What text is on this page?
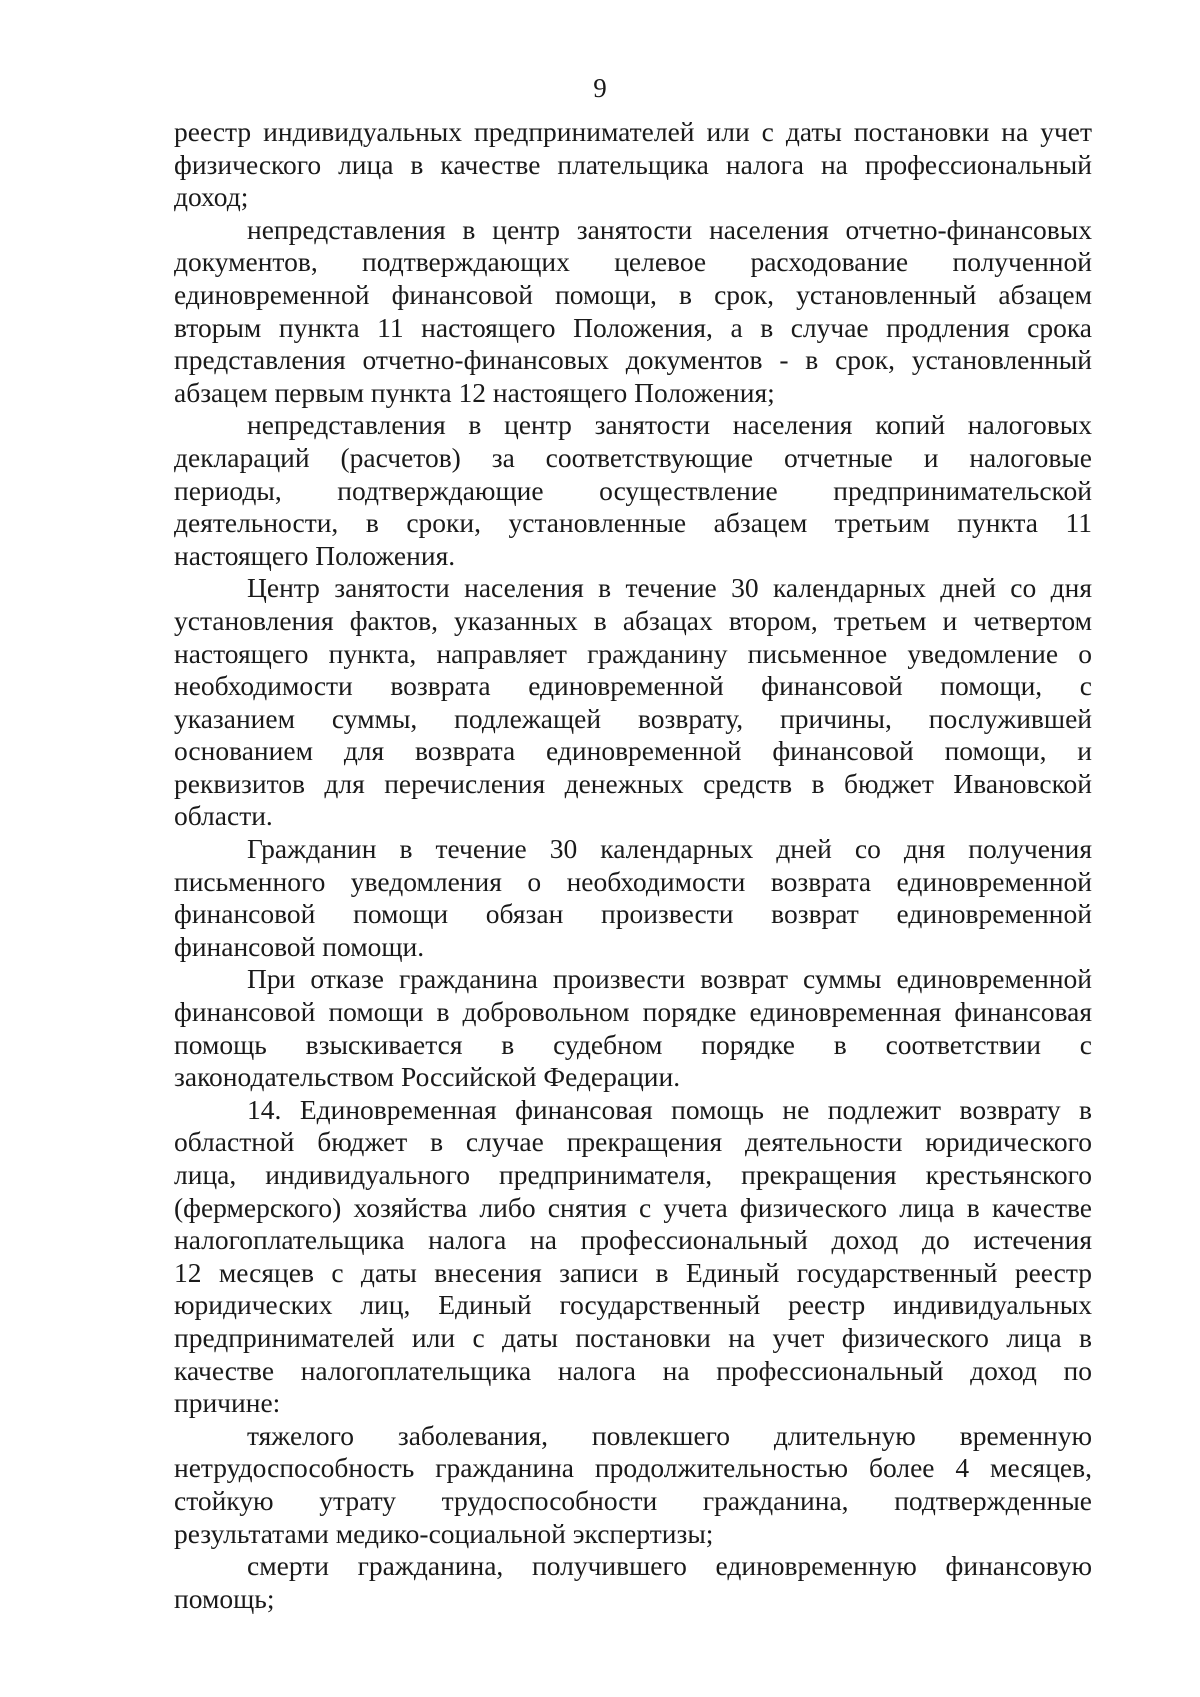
9
реестр индивидуальных предпринимателей или с даты постановки на учет
физического лица в качестве плательщика налога на профессиональный
доход;
непредставления в центр занятости населения отчетно-финансовых
документов, подтверждающих целевое расходование полученной
единовременной финансовой помощи, в срок, установленный абзацем
вторым пункта 11 настоящего Положения, а в случае продления срока
представления отчетно-финансовых документов - в срок, установленный
абзацем первым пункта 12 настоящего Положения;
непредставления в центр занятости населения копий налоговых
деклараций (расчетов) за соответствующие отчетные и налоговые
периоды, подтверждающие осуществление предпринимательской
деятельности, в сроки, установленные абзацем третьим пункта 11
настоящего Положения.
Центр занятости населения в течение 30 календарных дней со дня
установления фактов, указанных в абзацах втором, третьем и четвертом
настоящего пункта, направляет гражданину письменное уведомление о
необходимости возврата единовременной финансовой помощи, с
указанием суммы, подлежащей возврату, причины, послужившей
основанием для возврата единовременной финансовой помощи, и
реквизитов для перечисления денежных средств в бюджет Ивановской
области.
Гражданин в течение 30 календарных дней со дня получения
письменного уведомления о необходимости возврата единовременной
финансовой помощи обязан произвести возврат единовременной
финансовой помощи.
При отказе гражданина произвести возврат суммы единовременной
финансовой помощи в добровольном порядке единовременная финансовая
помощь взыскивается в судебном порядке в соответствии с
законодательством Российской Федерации.
14. Единовременная финансовая помощь не подлежит возврату в
областной бюджет в случае прекращения деятельности юридического
лица, индивидуального предпринимателя, прекращения крестьянского
(фермерского) хозяйства либо снятия с учета физического лица в качестве
налогоплательщика налога на профессиональный доход до истечения
12 месяцев с даты внесения записи в Единый государственный реестр
юридических лиц, Единый государственный реестр индивидуальных
предпринимателей или с даты постановки на учет физического лица в
качестве налогоплательщика налога на профессиональный доход по
причине:
тяжелого заболевания, повлекшего длительную временную
нетрудоспособность гражданина продолжительностью более 4 месяцев,
стойкую утрату трудоспособности гражданина, подтвержденные
результатами медико-социальной экспертизы;
смерти гражданина, получившего единовременную финансовую
помощь;
